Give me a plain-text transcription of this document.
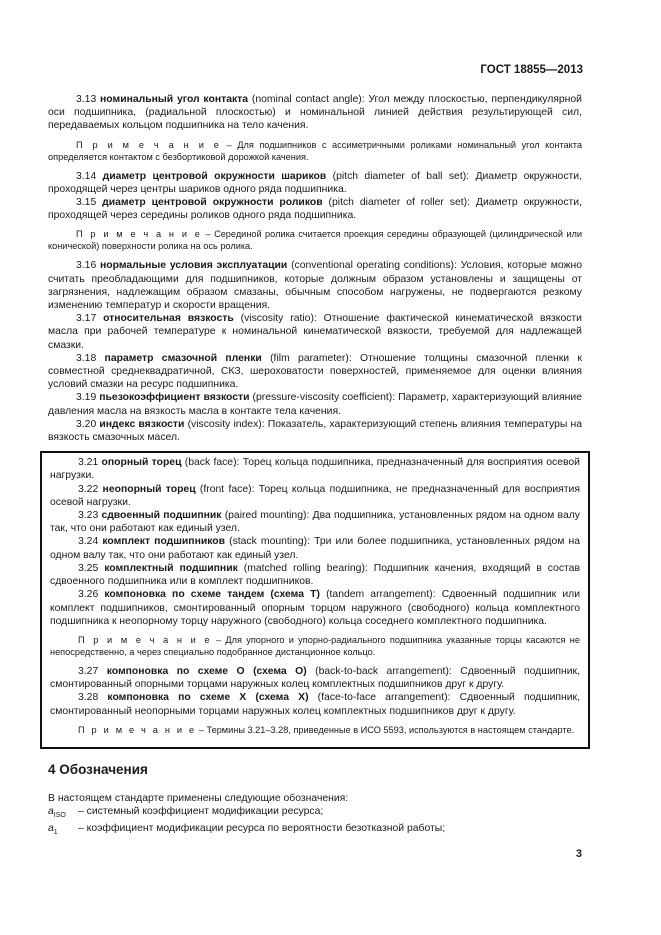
ГОСТ 18855—2013

3.13 номинальный угол контакта (nominal contact angle): Угол между плоскостью, перпендикулярной оси подшипника, (радиальной плоскостью) и номинальной линией действия результирующей сил, передаваемых кольцом подшипника на тело качения.

П р и м е ч а н и е – Для подшипников с ассиметричными роликами номинальный угол контакта определяется контактом с безбортиковой дорожкой качения.

3.14 диаметр центровой окружности шариков (pitch diameter of ball set): Диаметр окружности, проходящей через центры шариков одного ряда подшипника.

3.15 диаметр центровой окружности роликов (pitch diameter of roller set): Диаметр окружности, проходящей через середины роликов одного ряда подшипника.

П р и м е ч а н и е – Серединой ролика считается проекция середины образующей (цилиндрической или конической) поверхности ролика на ось ролика.

3.16 нормальные условия эксплуатации (conventional operating conditions): Условия, которые можно считать преобладающими для подшипников, которые должным образом установлены и защищены от загрязнения, надлежащим образом смазаны, обычным способом нагружены, не подвергаются резкому изменению температур и скорости вращения.

3.17 относительная вязкость (viscosity ratio): Отношение фактической кинематической вязкости масла при рабочей температуре к номинальной кинематической вязкости, требуемой для надлежащей смазки.

3.18 параметр смазочной пленки (film parameter): Отношение толщины смазочной пленки к совместной среднеквадратичной, СКЗ, шероховатости поверхностей, применяемое для оценки влияния условий смазки на ресурс подшипника.

3.19 пьезокоэффициент вязкости (pressure-viscosity coefficient): Параметр, характеризующий влияние давления масла на вязкость масла в контакте тела качения.

3.20 индекс вязкости (viscosity index): Показатель, характеризующий степень влияния температуры на вязкость смазочных масел.

3.21 опорный торец (back face): Торец кольца подшипника, предназначенный для восприятия осевой нагрузки.

3.22 неопорный торец (front face): Торец кольца подшипника, не предназначенный для восприятия осевой нагрузки.

3.23 сдвоенный подшипник (paired mounting): Два подшипника, установленных рядом на одном валу так, что они работают как единый узел.

3.24 комплект подшипников (stack mounting): Три или более подшипника, установленных рядом на одном валу так, что они работают как единый узел.

3.25 комплектный подшипник (matched rolling bearing): Подшипник качения, входящий в состав сдвоенного подшипника или в комплект подшипников.

3.26 компоновка по схеме тандем (схема Т) (tandem arrangement): Сдвоенный подшипник или комплект подшипников, смонтированный опорным торцом наружного (свободного) кольца комплектного подшипника к неопорному торцу наружного (свободного) кольца соседнего комплектного подшипника.

П р и м е ч а н и е – Для упорного и упорно-радиального подшипника указанные торцы касаются не непосредственно, а через специально подобранное дистанционное кольцо.

3.27 компоновка по схеме О (схема О) (back-to-back arrangement): Сдвоенный подшипник, смонтированный опорными торцами наружных колец комплектных подшипников друг к другу.

3.28 компоновка по схеме X (схема X) (face-to-face arrangement): Сдвоенный подшипник, смонтированный неопорными торцами наружных колец комплектных подшипников друг к другу.

П р и м е ч а н и е – Термины 3.21–3.28, приведенные в ИСО 5593, используются в настоящем стандарте.

4 Обозначения

В настоящем стандарте применены следующие обозначения:

$a_{ISO}$	– системный коэффициент модификации ресурса;
$a_1$	– коэффициент модификации ресурса по вероятности безотказной работы;
3
